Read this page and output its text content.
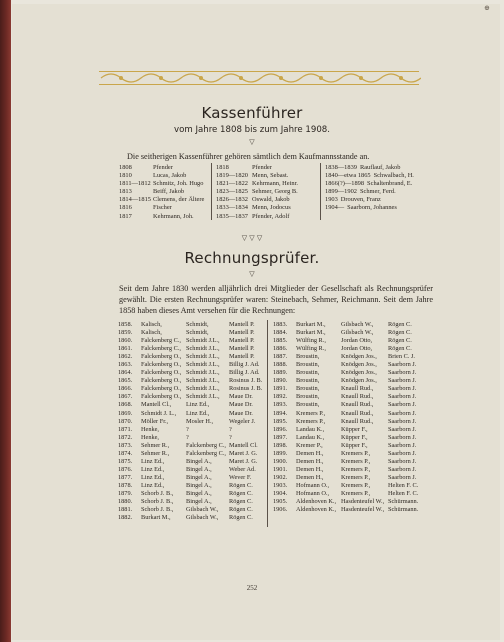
⊕
Kassenführer
vom Jahre 1808 bis zum Jahre 1908.
▽
Die seitherigen Kassenführer gehören sämtlich dem Kaufmannsstande an.
1808	Pfender
1810	Lucas, Jakob
1811—1812 Schmitz, Joh. Hugo
1813	Beiff, Jakob
1814—1815 Clemens, der Ältere
1816	Fischer
1817	Kehrmann, Joh.
1818	Pfender
1819—1820 Menn, Sebast.
1821—1822 Kehrmann, Heinr.
1823—1825 Sehmer, Georg B.
1826—1832 Oswald, Jakob
1833—1834 Menn, Jodocus
1835—1837 Pfender, Adolf
1838—1839 Rauflauf, Jakob
1840—etwa 1865 Schwalbach, H.
1866(?)—1898 Schaltenbrand, E.
1899—1902 Schmer, Ferd.
1903 Drouven, Franz
1904— Saarborn, Johannes
▽ ▽ ▽
Rechnungsprüfer.
▽
Seit dem Jahre 1830 werden alljährlich drei Mitglieder der Gesellschaft als Rechnungsprüfer gewählt. Die ersten Rechnungsprüfer waren: Steinebach, Sehmer, Reichmann. Seit dem Jahre 1858 haben dieses Amt versehen für die Rechnungen:
1858.	Kalisch,	Schmidt,	Mantell P.
1859.	Kalisch,	Schmidt,	Mantell P.
1860.	Falckenberg C., Schmidt J.L.,	Mantell P.
1861.	Falckenberg C., Schmidt J.L.,	Mantell P.
1862.	Falckenberg O., Schmidt J.L.,	Mantell P.
1863.	Falckenberg O., Schmidt J.L.,	Billig J. Ad.
1864.	Falckenberg O., Schmidt J.L.,	Billig J. Ad.
1865.	Falckenberg O., Schmidt J.L.,	Rosinus J. B.
1866.	Falckenberg O., Schmidt J.L.,	Rosinus J. B.
1867.	Falckenberg O., Schmidt J.L.,	Maue Dr.
1868.	Mantell Cl.,	Linz Ed.,	Maue Dr.
1869.	Schmidt J. L.,	Linz Ed.,	Maue Dr.
1870.	Möller Fr.,	Mosler H.,	Wegeler J.
1871.	Henke,	?	?
1872.	Henke,	?	?
1873.	Sehmer R.,	Falckenberg C., Mantell Cl.
1874.	Sehmer R.,	Falckenberg C., Maret J. G.
1875.	Linz Ed.,	Bingel A.,	Maret J. G.
1876.	Linz Ed.,	Bingel A.,	Weber Ad.
1877.	Linz Ed.,	Bingel A.,	Wever F.
1878.	Linz Ed.,	Bingel A.,	Rögen C.
1879.	Schorb J. B.,	Bingel A.,	Rögen C.
1880.	Schorb J. B.,	Bingel A.,	Rögen C.
1881.	Schorb J. B.,	Gilsbach W.,	Rögen C.
1882.	Burkart M.,	Gilsbach W.,	Rögen C.
1883.	Burkart M.,	Gilsbach W.,	Rögen C.
1884.	Burkart M.,	Gilsbach W.,	Rögen C.
1885.	Wülfing R.,	Jordan Otto,	Rögen C.
1886.	Wülfing R.,	Jordan Otto,	Rögen C.
1887.	Broustin,	Knödgen Jos.,	Brien C. J.
1888.	Broustin,	Knödgen Jos.,	Saarborn J.
1889.	Broustin,	Knödgen Jos.,	Saarborn J.
1890.	Broustin,	Knödgen Jos.,	Saarborn J.
1891.	Broustin,	Knaull Rud.,	Saarborn J.
1892.	Broustin,	Knaull Rud.,	Saarborn J.
1893.	Broustin,	Knaull Rud.,	Saarborn J.
1894.	Kremers P.,	Knaull Rud.,	Saarborn J.
1895.	Kremers P.,	Knaull Rud.,	Saarborn J.
1896.	Landau K.,	Küpper F.,	Saarborn J.
1897.	Landau K.,	Küpper F.,	Saarborn J.
1898.	Kremer P.,	Küpper F.,	Saarborn J.
1899.	Demen H.,	Kremers P.,	Saarborn J.
1900.	Demen H.,	Kremers P.,	Saarborn J.
1901.	Demen H.,	Kremers P.,	Saarborn J.
1902.	Demen H.,	Kremers P.,	Saarborn J.
1903.	Hofmann O.,	Kremers P.,	Helten F. C.
1904.	Hofmann O.,	Kremers P.,	Helten F. C.
1905.	Aldenhoven K., Hasdenteufel W., Schürmann.
1906.	Aldenhoven K., Hasdenteufel W., Schürmann.
252
